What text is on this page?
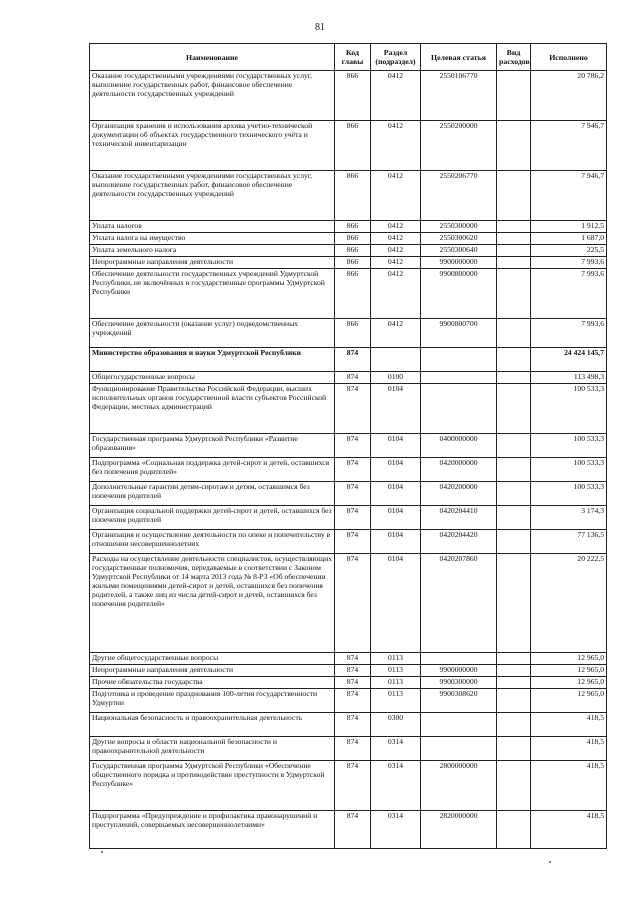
81
Наименование	Код главы	Раздел (подраздел)	Целевая статья	Вид расходов	Исполнено
Оказание государственными учреждениями государственных услуг, выполнение государственных работ, финансовое обеспечение деятельности государственных учреждений	866	0412	2550106770		20 786,2
Организация хранения и использования архива учетно-технической документации об объектах государственного технического учёта и технической инвентаризации	866	0412	2550200000		7 946,7
Оказание государственными учреждениями государственных услуг, выполнение государственных работ, финансовое обеспечение деятельности государственных учреждений	866	0412	2550206770		7 946,7
Уплата налогов	866	0412	2550300000		1 912,5
Уплата налога на имущество	866	0412	2550300620		1 687,0
Уплата земельного налога	866	0412	2550300640		225,5
Непрограммные направления деятельности	866	0412	9900000000		7 993,6
Обеспечение деятельности государственных учреждений Удмуртской Республики, не включённых в государственные программы Удмуртской Республики	866	0412	9900800000		7 993,6
Обеспечение деятельности (оказание услуг) подведомственных учреждений	866	0412	9900800700		7 993,6
Министерство образования и науки Удмуртской Республики	874				24 424 145,7
Общегосударственные вопросы	874	0100			113 498,3
Функционирование Правительства Российской Федерации, высших исполнительных органов государственной власти субъектов Российской Федерации, местных администраций	874	0104			100 533,3
Государственная программа Удмуртской Республики «Развитие образования»	874	0104	0400000000		100 533,3
Подпрограмма «Социальная поддержка детей-сирот и детей, оставшихся без попечения родителей»	874	0104	0420000000		100 533,3
Дополнительные гарантии детям-сиротам и детям, оставшимся без попечения родителей	874	0104	0420200000		100 533,3
Организация социальной поддержки детей-сирот и детей, оставшихся без попечения родителей	874	0104	0420204410		3 174,3
Организация и осуществление деятельности по опеке и попечительству в отношении несовершеннолетних	874	0104	0420204420		77 136,5
Расходы на осуществление деятельности специалистов, осуществляющих государственные полномочия, передаваемые в соответствии с Законом Удмуртской Республики от 14 марта 2013 года № 8-РЗ «Об обеспечении жилыми помещениями детей-сирот и детей, оставшихся без попечения родителей, а также лиц из числа детей-сирот и детей, оставшихся без попечения родителей»	874	0104	0420207860		20 222,5
Другие общегосударственные вопросы	874	0113			12 965,0
Непрограммные направления деятельности	874	0113	9900000000		12 965,0
Прочие обязательства государства	874	0113	9900300000		12 965,0
Подготовка и проведение празднования 100-летия государственности Удмуртии	874	0113	9900308620		12 965,0
Национальная безопасность и правоохранительная деятельность	874	0300			418,5
Другие вопросы в области национальной безопасности и правоохранительной деятельности	874	0314			418,5
Государственная программа Удмуртской Республики «Обеспечение общественного порядка и противодействие преступности в Удмуртской Республике»	874	0314	2800000000		418,5
Подпрограмма «Предупреждение и профилактика правонарушений и преступлений, совершаемых несовершеннолетними»	874	0314	2820000000		418,5
